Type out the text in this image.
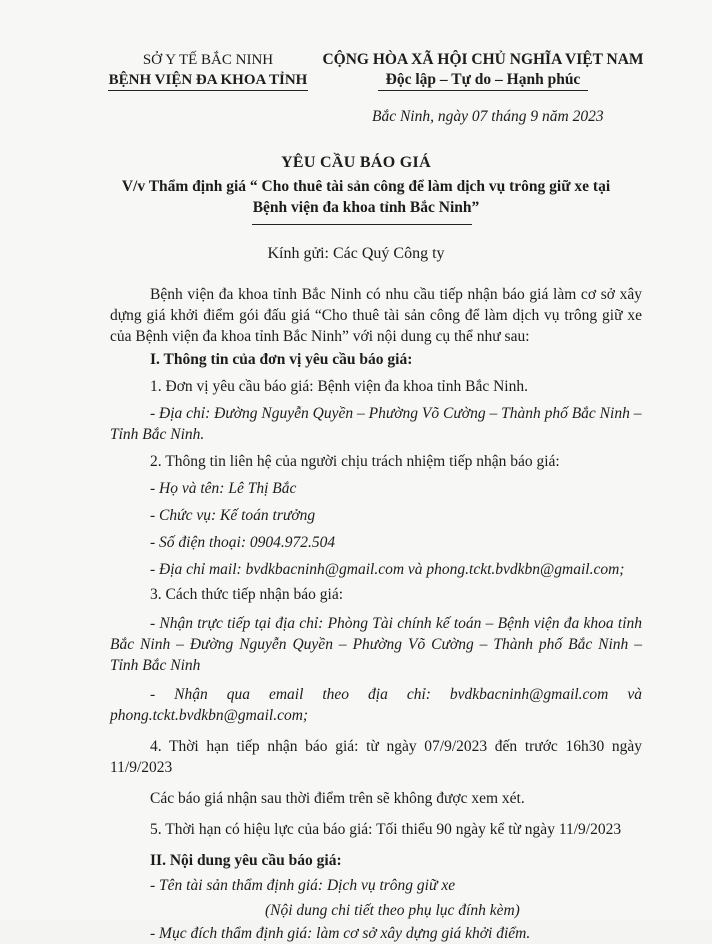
SỞ Y TẾ BẮC NINH
BỆNH VIỆN ĐA KHOA TỈNH
CỘNG HÒA XÃ HỘI CHỦ NGHĨA VIỆT NAM
Độc lập – Tự do – Hạnh phúc
Bắc Ninh, ngày 07 tháng 9 năm 2023
YÊU CẦU BÁO GIÁ
V/v Thẩm định giá “ Cho thuê tài sản công để làm dịch vụ trông giữ xe tại
Bệnh viện đa khoa tỉnh Bắc Ninh”
Kính gửi: Các Quý Công ty

Bệnh viện đa khoa tỉnh Bắc Ninh có nhu cầu tiếp nhận báo giá làm cơ sở xây dựng giá khởi điểm gói đấu giá “Cho thuê tài sản công để làm dịch vụ trông giữ xe của Bệnh viện đa khoa tỉnh Bắc Ninh” với nội dung cụ thể như sau:

I. Thông tin của đơn vị yêu cầu báo giá:

1. Đơn vị yêu cầu báo giá: Bệnh viện đa khoa tỉnh Bắc Ninh.

- Địa chỉ: Đường Nguyễn Quyền – Phường Võ Cường – Thành phố Bắc Ninh – Tỉnh Bắc Ninh.

2. Thông tin liên hệ của người chịu trách nhiệm tiếp nhận báo giá:

- Họ và tên: Lê Thị Bắc

- Chức vụ: Kế toán trưởng

- Số điện thoại: 0904.972.504

- Địa chỉ mail: bvdkbacninh@gmail.com và phong.tckt.bvdkbn@gmail.com;

3. Cách thức tiếp nhận báo giá:

- Nhận trực tiếp tại địa chỉ: Phòng Tài chính kế toán – Bệnh viện đa khoa tỉnh Bắc Ninh – Đường Nguyễn Quyền – Phường Võ Cường – Thành phố Bắc Ninh – Tỉnh Bắc Ninh

- Nhận qua email theo địa chỉ: bvdkbacninh@gmail.com và phong.tckt.bvdkbn@gmail.com;

4. Thời hạn tiếp nhận báo giá: từ ngày 07/9/2023 đến trước 16h30 ngày 11/9/2023

Các báo giá nhận sau thời điểm trên sẽ không được xem xét.

5. Thời hạn có hiệu lực của báo giá: Tối thiểu 90 ngày kể từ ngày 11/9/2023

II. Nội dung yêu cầu báo giá:

- Tên tài sản thẩm định giá: Dịch vụ trông giữ xe

(Nội dung chi tiết theo phụ lục đính kèm)

- Mục đích thẩm định giá: làm cơ sở xây dựng giá khởi điểm.
